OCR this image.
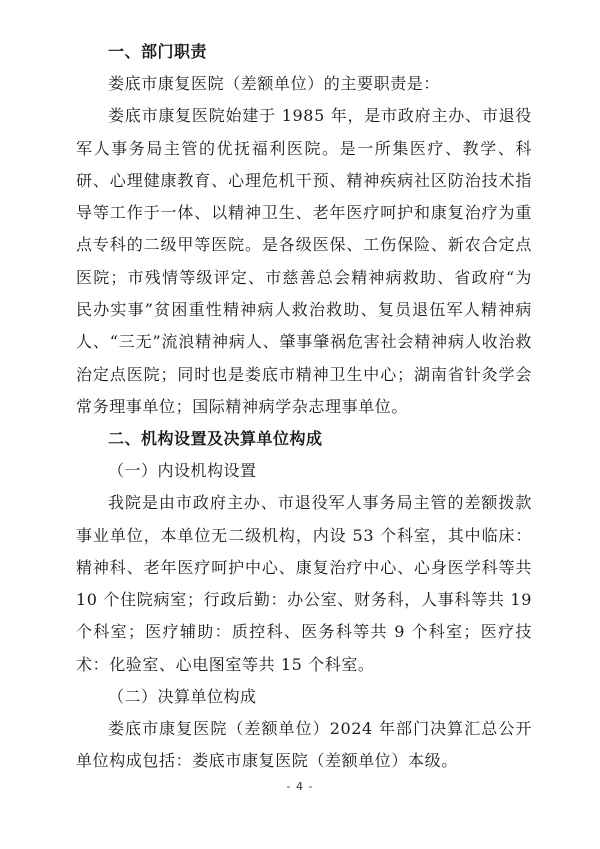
一、部门职责

娄底市康复医院（差额单位）的主要职责是：

娄底市康复医院始建于 1985 年，是市政府主办、市退役军人事务局主管的优抚福利医院。是一所集医疗、教学、科研、心理健康教育、心理危机干预、精神疾病社区防治技术指导等工作于一体、以精神卫生、老年医疗呵护和康复治疗为重点专科的二级甲等医院。是各级医保、工伤保险、新农合定点医院；市残情等级评定、市慈善总会精神病救助、省政府“为民办实事”贫困重性精神病人救治救助、复员退伍军人精神病人、“三无”流浪精神病人、肇事肇祸危害社会精神病人收治救治定点医院；同时也是娄底市精神卫生中心；湖南省针灸学会常务理事单位；国际精神病学杂志理事单位。

二、机构设置及决算单位构成

（一）内设机构设置

我院是由市政府主办、市退役军人事务局主管的差额拨款事业单位，本单位无二级机构，内设 53 个科室，其中临床：精神科、老年医疗呵护中心、康复治疗中心、心身医学科等共 10 个住院病室；行政后勤：办公室、财务科，人事科等共 19 个科室；医疗辅助：质控科、医务科等共 9 个科室；医疗技术：化验室、心电图室等共 15 个科室。

（二）决算单位构成

娄底市康复医院（差额单位）2024 年部门决算汇总公开单位构成包括：娄底市康复医院（差额单位）本级。

- 4 -
